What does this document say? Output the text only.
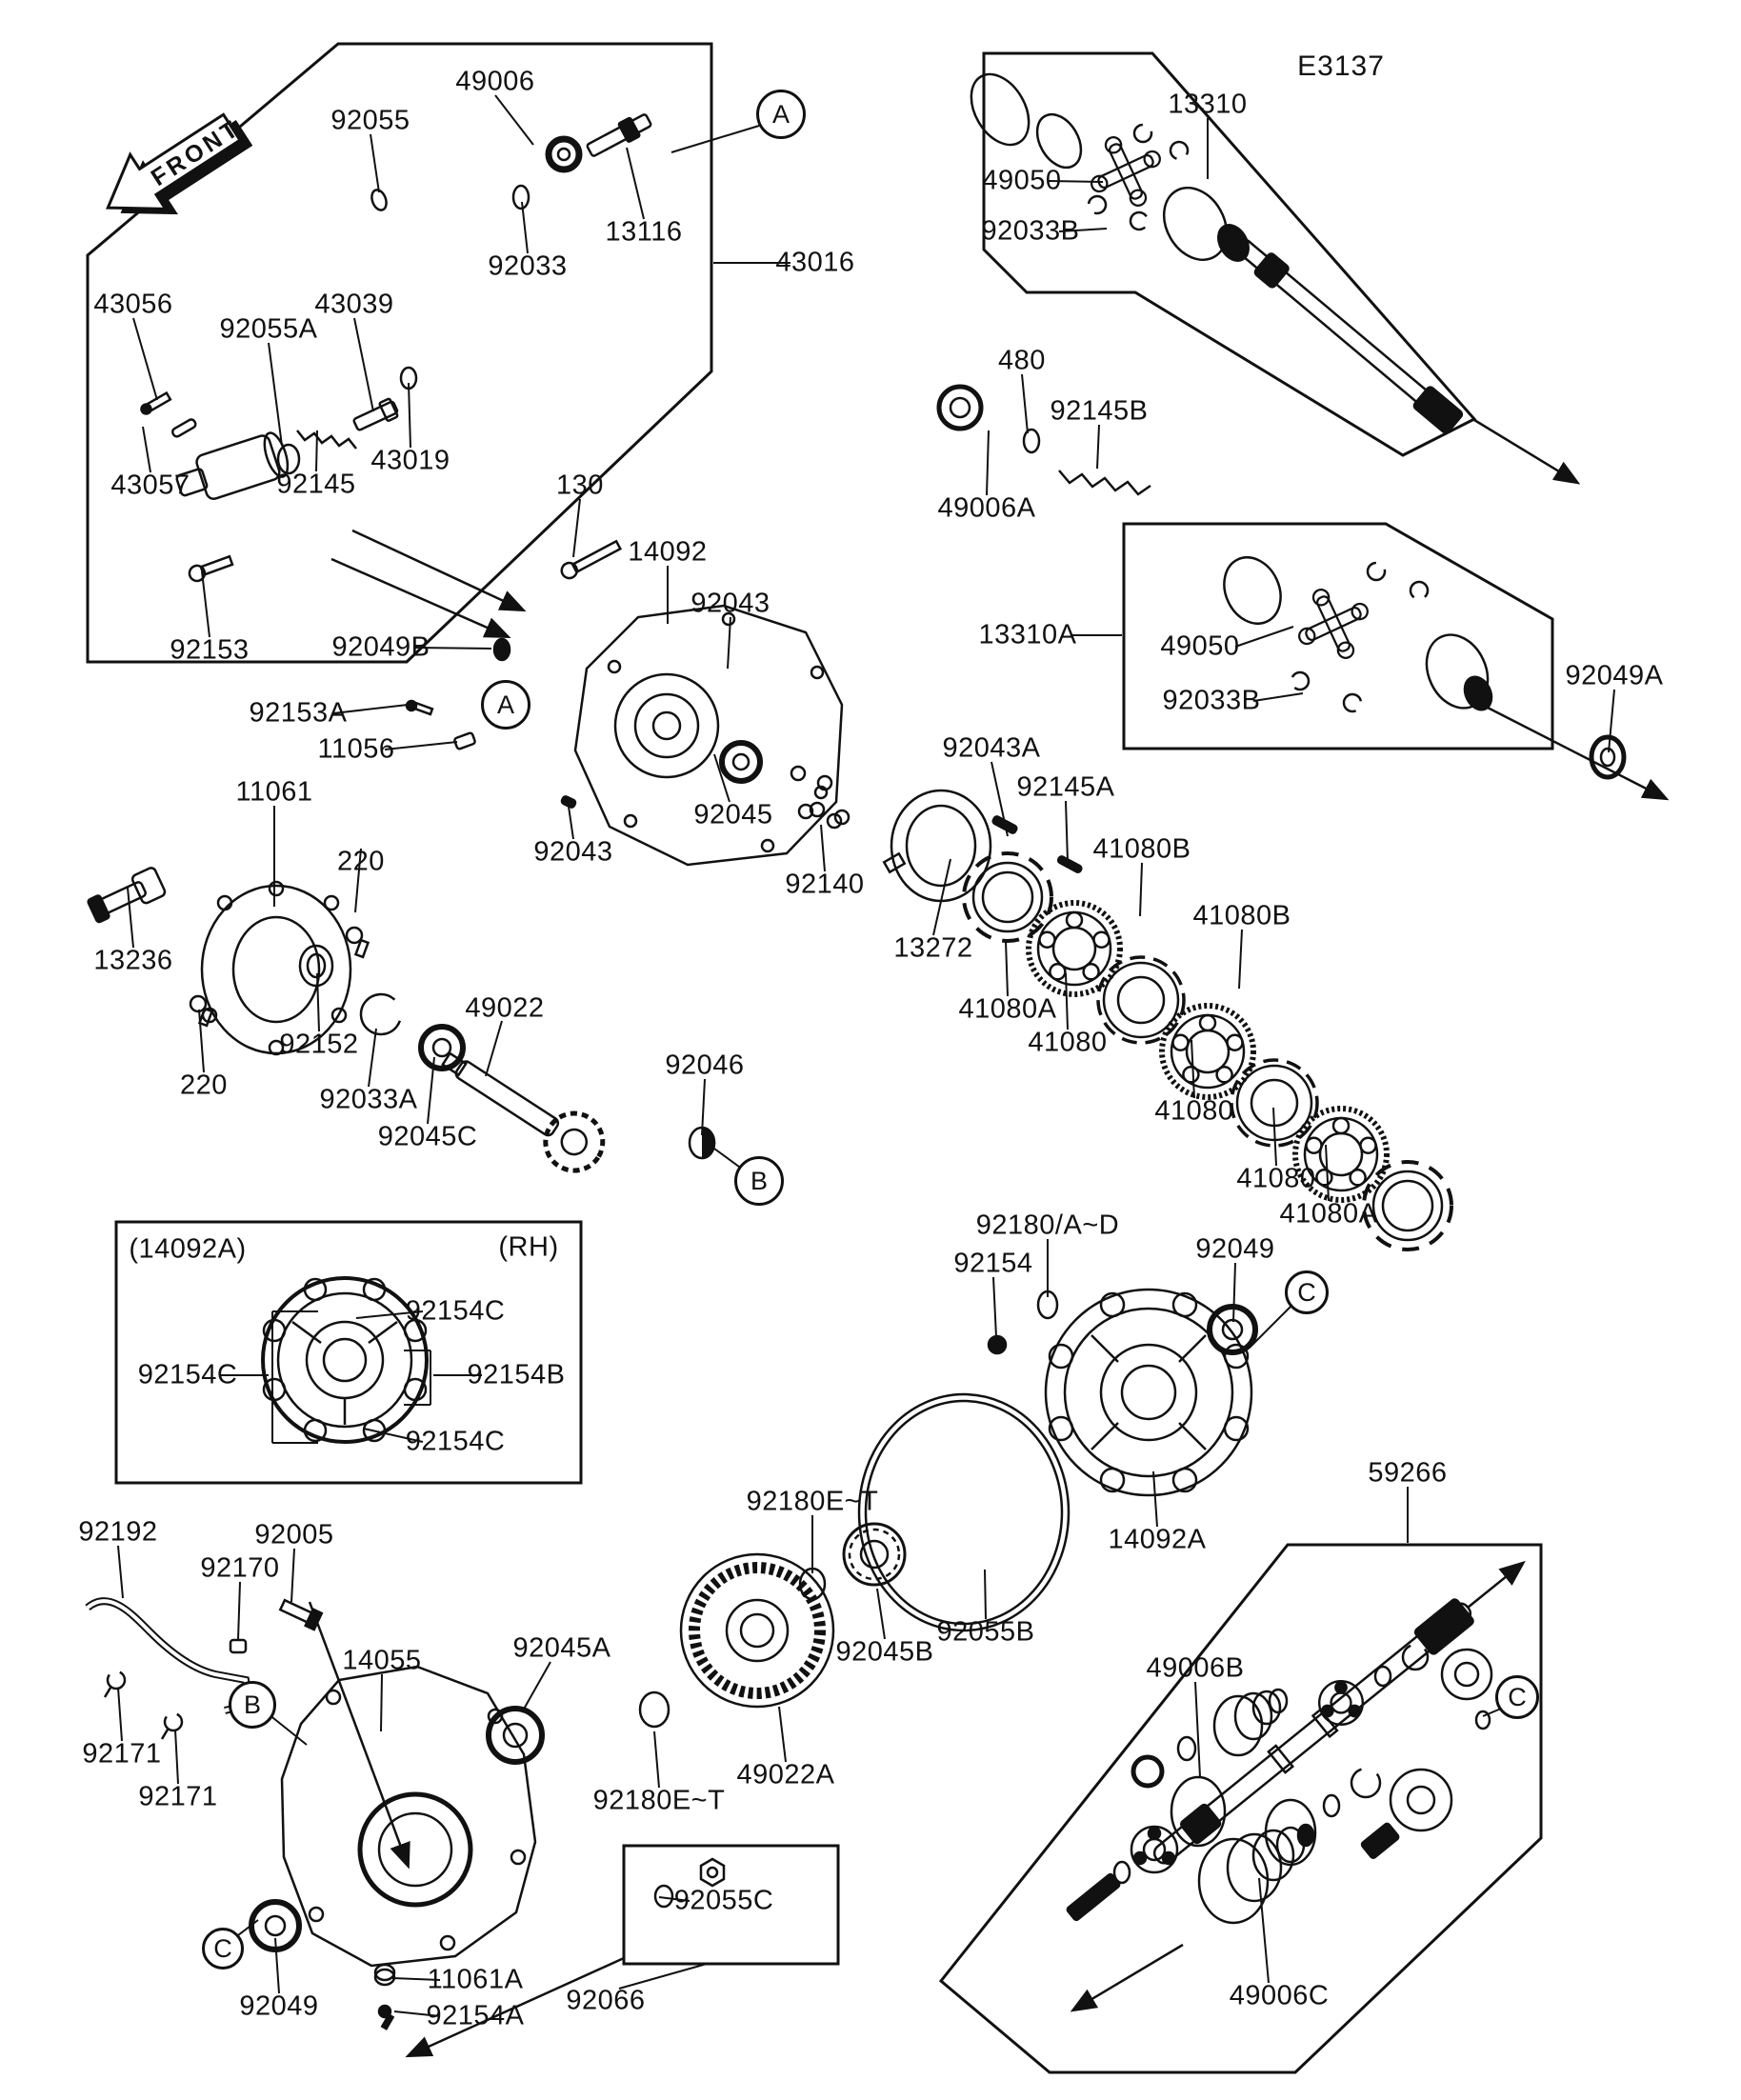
FRONT
49006
92055
13116
92033	43016
43056
92055A
43039
43057	92145
43019
92153
130
14092
92043
92049B
92153A
11056
11061
92045
92043
92140
13272
220
13236
220
92152
92033A
92045C
49022
92046
13310
49050
92033B
480
92145B
49006A
13310A	49050
92033B
92049A
92043A
92145A
41080B
41080B
41080A
41080
41080
41080
41080A
92180/A~D
92154	92049
14092A
59266
(14092A)	(RH)
92154C
92154C	92154B
92154C
92192	92005
92170
92171
92171
14055	92045A
92180E~T
92180E~T
49022A
92045B
92055B
92055C
11061A
92154A 92066
92049
49006B
49006C
A
A
B
B
C
C
C
E3137
